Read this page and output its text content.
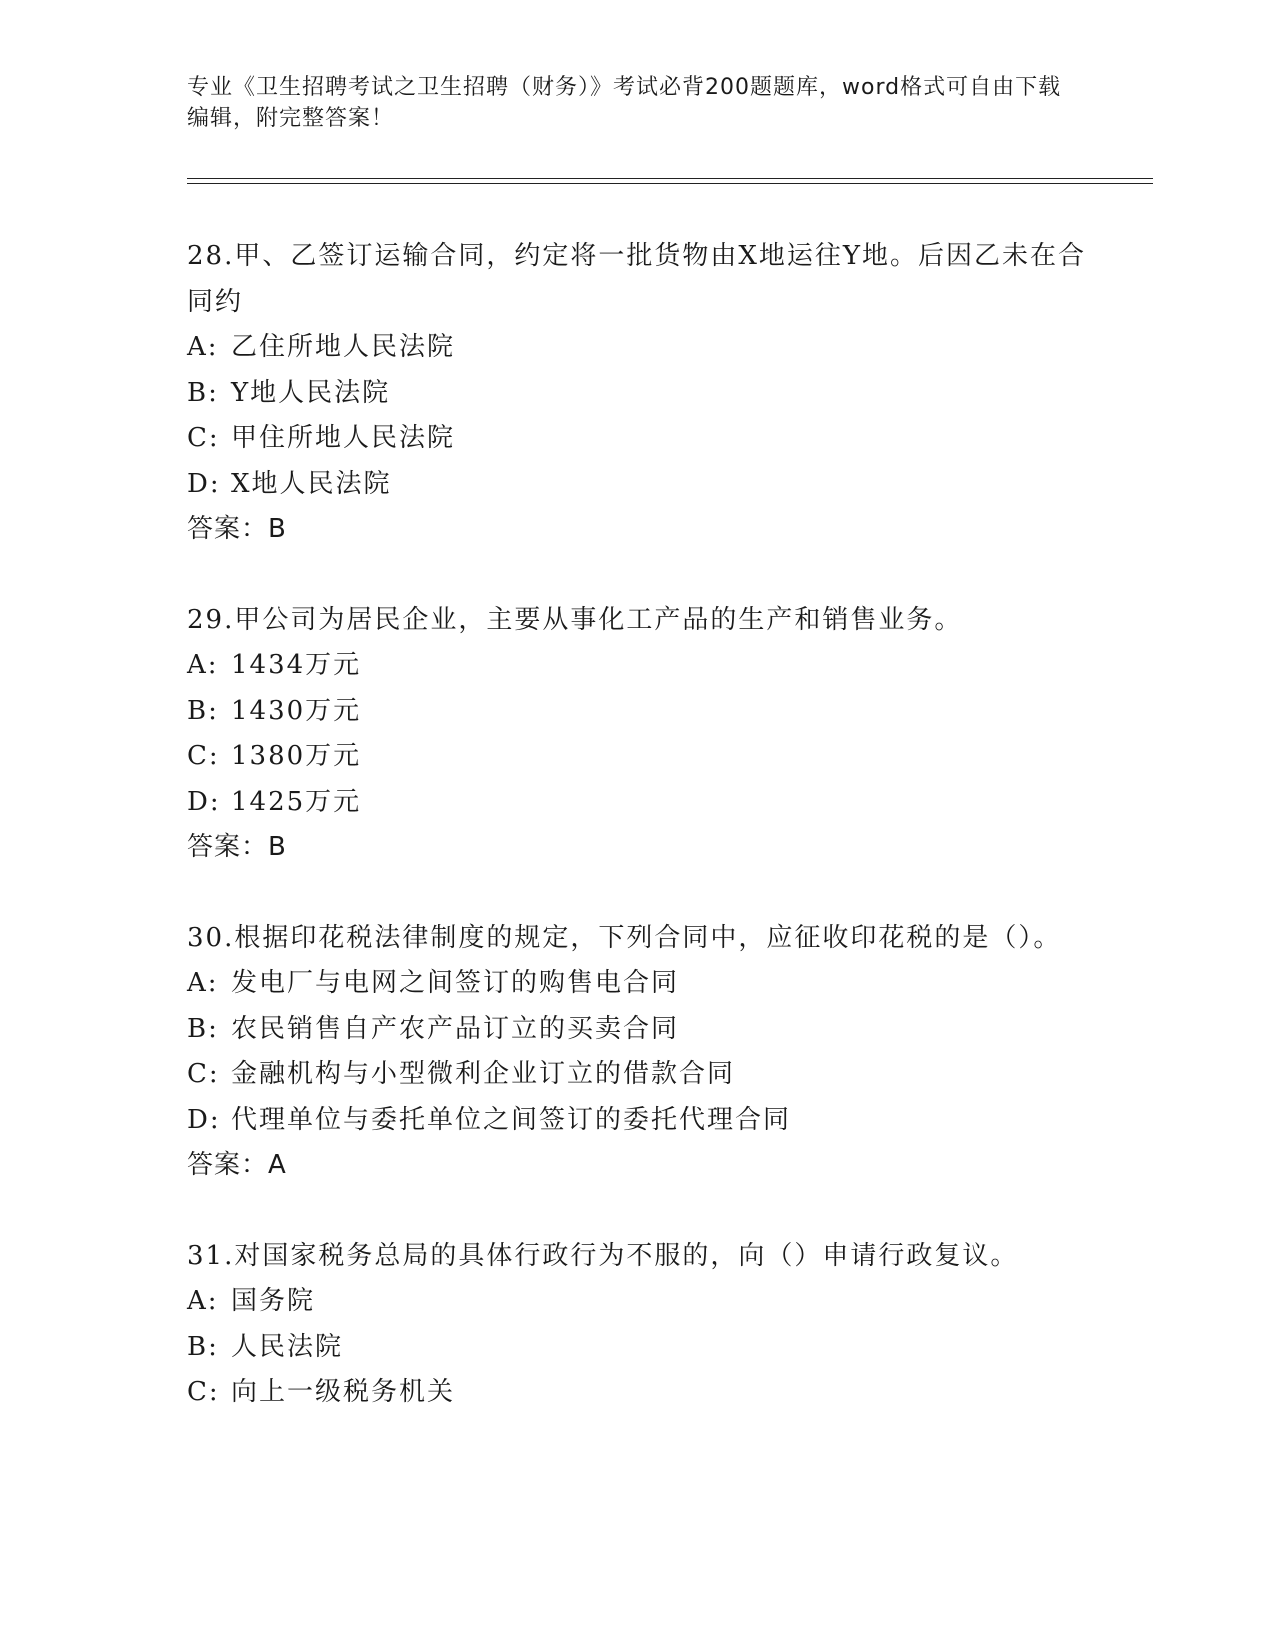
专业《卫生招聘考试之卫生招聘（财务）》考试必背200题题库，word格式可自由下载编辑，附完整答案！
28.甲、乙签订运输合同，约定将一批货物由X地运往Y地。后因乙未在合同约
A: 乙住所地人民法院
B: Y地人民法院
C: 甲住所地人民法院
D: X地人民法院
答案：B
29.甲公司为居民企业，主要从事化工产品的生产和销售业务。
A: 1434万元
B: 1430万元
C: 1380万元
D: 1425万元
答案：B
30.根据印花税法律制度的规定，下列合同中，应征收印花税的是（）。
A: 发电厂与电网之间签订的购售电合同
B: 农民销售自产农产品订立的买卖合同
C: 金融机构与小型微利企业订立的借款合同
D: 代理单位与委托单位之间签订的委托代理合同
答案：A
31.对国家税务总局的具体行政行为不服的，向（）申请行政复议。
A: 国务院
B: 人民法院
C: 向上一级税务机关
